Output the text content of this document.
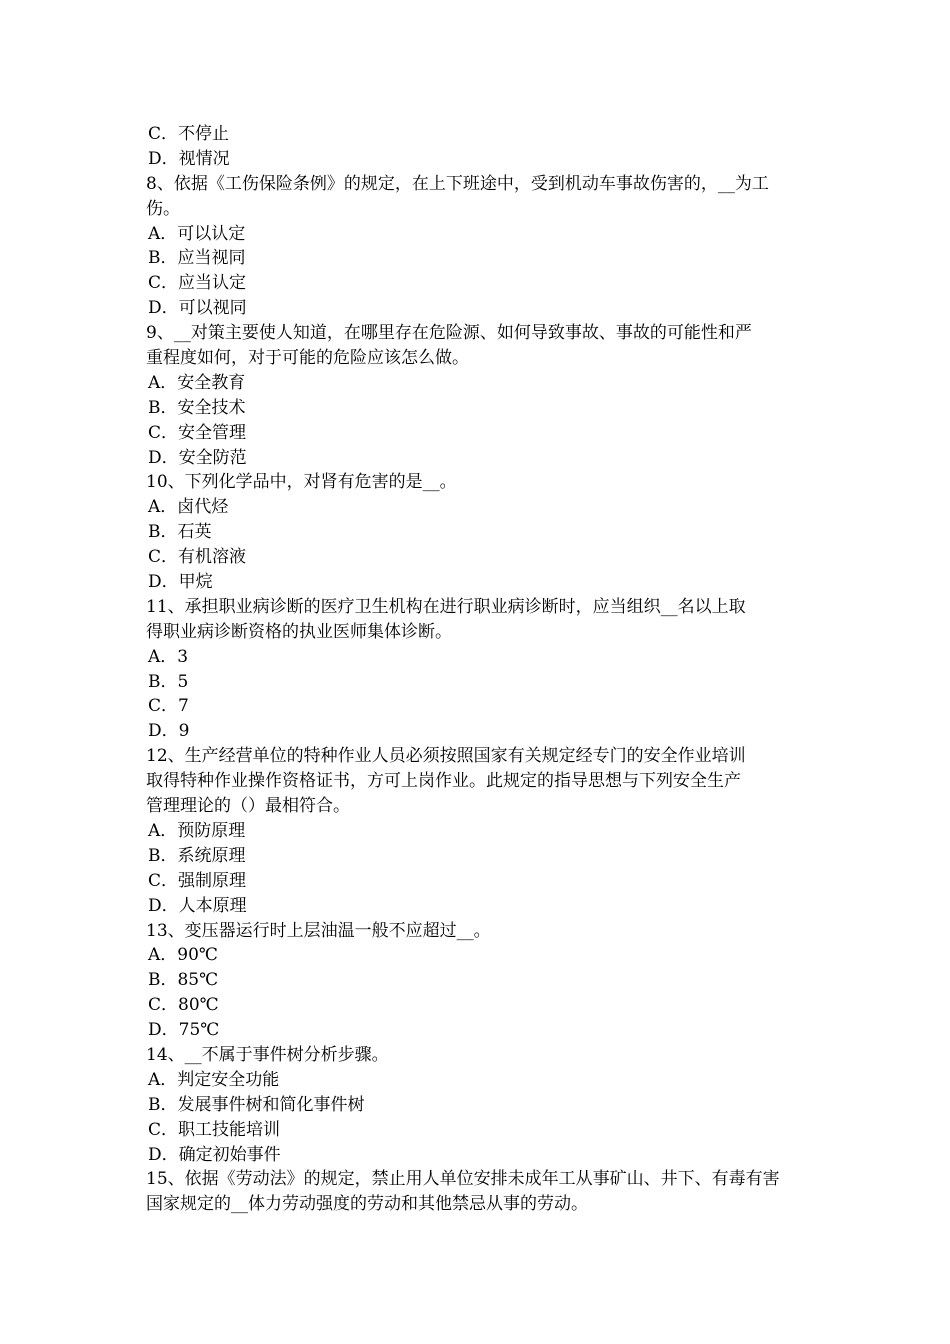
C．不停止
D．视情况
8、依据《工伤保险条例》的规定，在上下班途中，受到机动车事故伤害的，__为工
伤。
A．可以认定
B．应当视同
C．应当认定
D．可以视同
9、__对策主要使人知道，在哪里存在危险源、如何导致事故、事故的可能性和严
重程度如何，对于可能的危险应该怎么做。
A．安全教育
B．安全技术
C．安全管理
D．安全防范
10、下列化学品中，对肾有危害的是__。
A．卤代烃
B．石英
C．有机溶液
D．甲烷
11、承担职业病诊断的医疗卫生机构在进行职业病诊断时，应当组织__名以上取
得职业病诊断资格的执业医师集体诊断。
A．3
B．5
C．7
D．9
12、生产经营单位的特种作业人员必须按照国家有关规定经专门的安全作业培训
取得特种作业操作资格证书，方可上岗作业。此规定的指导思想与下列安全生产
管理理论的（）最相符合。
A．预防原理
B．系统原理
C．强制原理
D．人本原理
13、变压器运行时上层油温一般不应超过__。
A．90℃
B．85℃
C．80℃
D．75℃
14、__不属于事件树分析步骤。
A．判定安全功能
B．发展事件树和简化事件树
C．职工技能培训
D．确定初始事件
15、依据《劳动法》的规定，禁止用人单位安排未成年工从事矿山、井下、有毒有害
国家规定的__体力劳动强度的劳动和其他禁忌从事的劳动。
